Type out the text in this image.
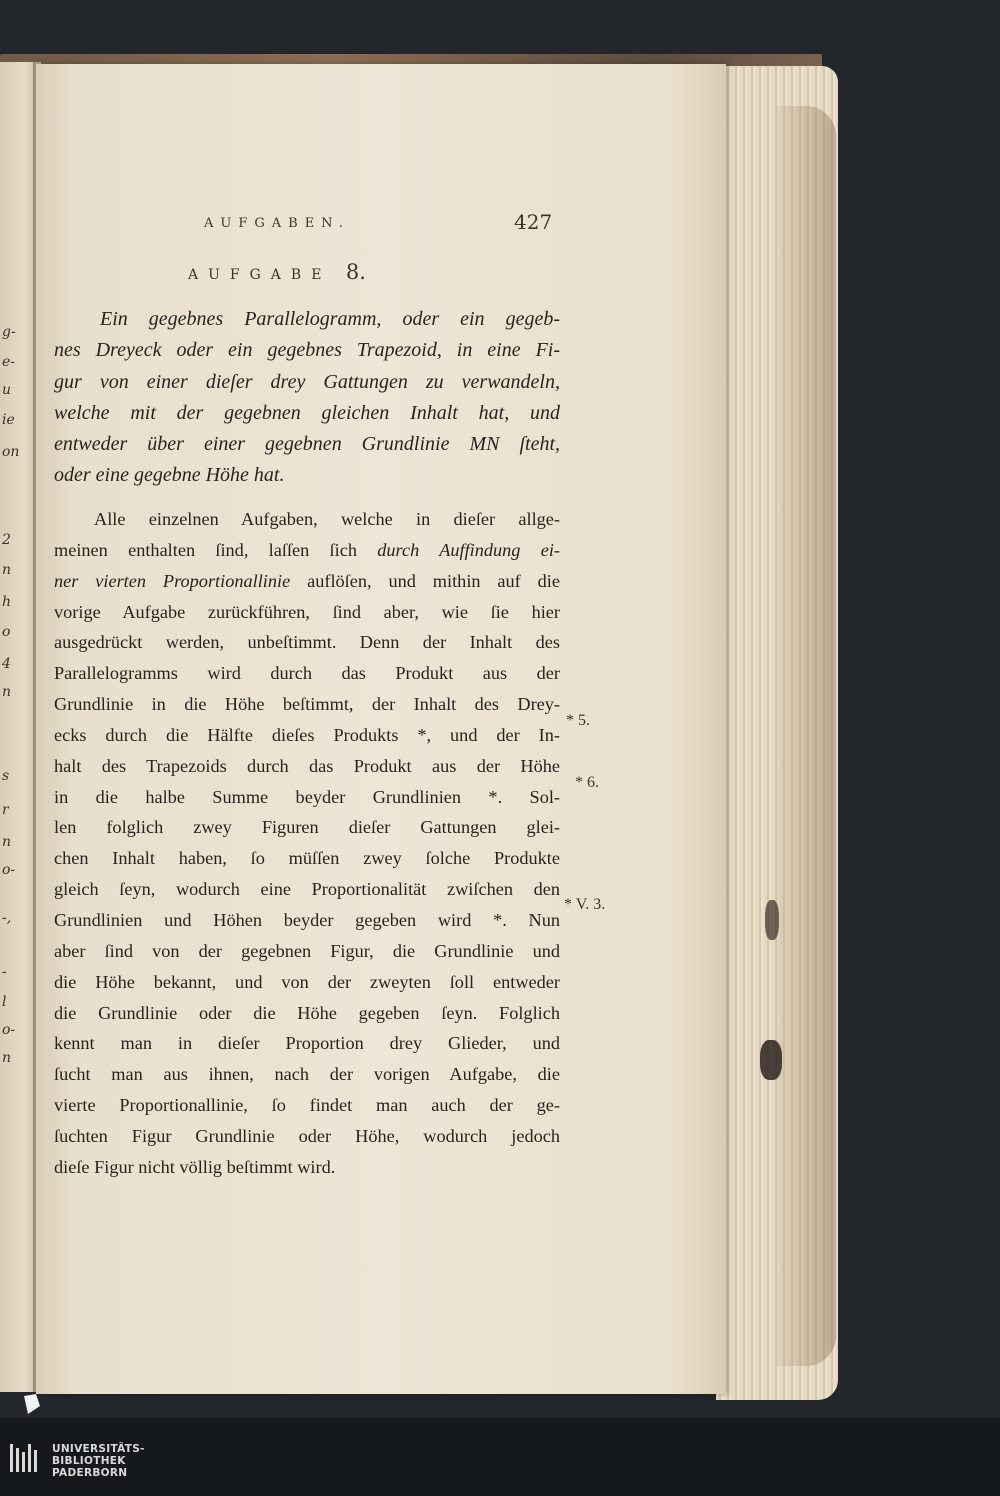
g-
e-
u
ie
on
2
n
h
o
4
n
s
r
n
o-
-,
-
l
o-
n
AUFGABEN.	427
AUFGABE 8.
Ein gegebnes Parallelogramm, oder ein gegeb-
nes Dreyeck oder ein gegebnes Trapezoid, in eine Fi-
gur von einer dieſer drey Gattungen zu verwandeln,
welche mit der gegebnen gleichen Inhalt hat, und
entweder über einer gegebnen Grundlinie MN ſteht,
oder eine gegebne Höhe hat.
Alle einzelnen Aufgaben, welche in dieſer allge-
meinen enthalten ſind, laſſen ſich durch Auffindung ei-
ner vierten Proportionallinie auflöſen, und mithin auf die
vorige Aufgabe zurückführen, ſind aber, wie ſie hier
ausgedrückt werden, unbeſtimmt. Denn der Inhalt des
Parallelogramms wird durch das Produkt aus der
Grundlinie in die Höhe beſtimmt, der Inhalt des Drey-
ecks durch die Hälfte dieſes Produkts *, und der In-
halt des Trapezoids durch das Produkt aus der Höhe
in die halbe Summe beyder Grundlinien *. Sol-
len folglich zwey Figuren dieſer Gattungen glei-
chen Inhalt haben, ſo müſſen zwey ſolche Produkte
gleich ſeyn, wodurch eine Proportionalität zwiſchen den
Grundlinien und Höhen beyder gegeben wird *. Nun
aber ſind von der gegebnen Figur, die Grundlinie und
die Höhe bekannt, und von der zweyten ſoll entweder
die Grundlinie oder die Höhe gegeben ſeyn. Folglich
kennt man in dieſer Proportion drey Glieder, und
ſucht man aus ihnen, nach der vorigen Aufgabe, die
vierte Proportionallinie, ſo findet man auch der ge-
ſuchten Figur Grundlinie oder Höhe, wodurch jedoch
dieſe Figur nicht völlig beſtimmt wird.
* 5.
* 6.
* V. 3.
UNIVERSITÄTS-
BIBLIOTHEK
PADERBORN
